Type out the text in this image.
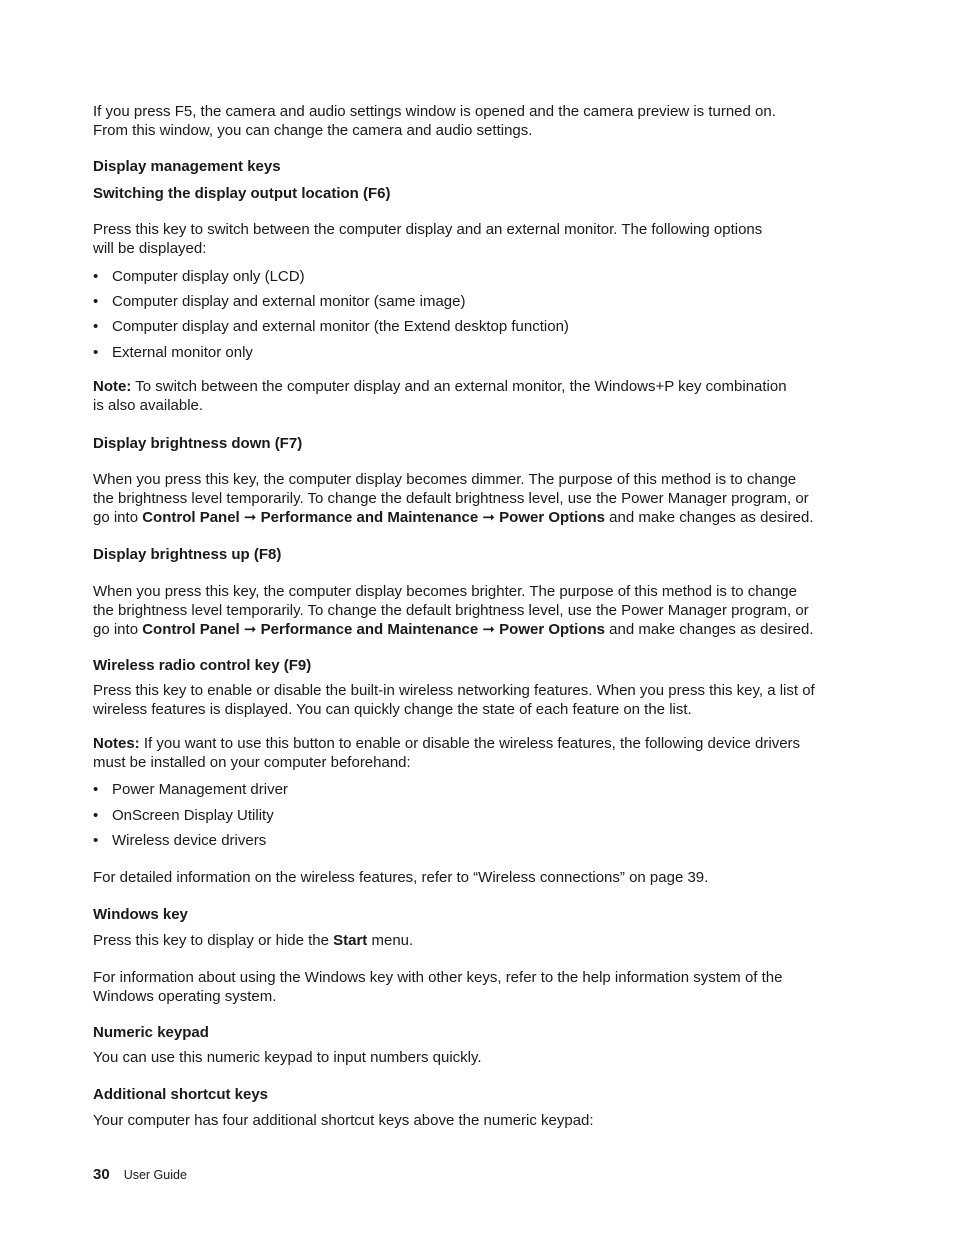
If you press F5, the camera and audio settings window is opened and the camera preview is turned on.
From this window, you can change the camera and audio settings.

Display management keys
Switching the display output location (F6)

Press this key to switch between the computer display and an external monitor. The following options
will be displayed:

• Computer display only (LCD)
• Computer display and external monitor (same image)
• Computer display and external monitor (the Extend desktop function)
• External monitor only

Note: To switch between the computer display and an external monitor, the Windows+P key combination
is also available.

Display brightness down (F7)

When you press this key, the computer display becomes dimmer. The purpose of this method is to change
the brightness level temporarily. To change the default brightness level, use the Power Manager program, or
go into Control Panel ➞ Performance and Maintenance ➞ Power Options and make changes as desired.

Display brightness up (F8)

When you press this key, the computer display becomes brighter. The purpose of this method is to change
the brightness level temporarily. To change the default brightness level, use the Power Manager program, or
go into Control Panel ➞ Performance and Maintenance ➞ Power Options and make changes as desired.

Wireless radio control key (F9)

Press this key to enable or disable the built-in wireless networking features. When you press this key, a list of
wireless features is displayed. You can quickly change the state of each feature on the list.

Notes: If you want to use this button to enable or disable the wireless features, the following device drivers
must be installed on your computer beforehand:

• Power Management driver
• OnScreen Display Utility
• Wireless device drivers

For detailed information on the wireless features, refer to “Wireless connections” on page 39.

Windows key

Press this key to display or hide the Start menu.

For information about using the Windows key with other keys, refer to the help information system of the
Windows operating system.

Numeric keypad

You can use this numeric keypad to input numbers quickly.

Additional shortcut keys

Your computer has four additional shortcut keys above the numeric keypad:

30 User Guide
